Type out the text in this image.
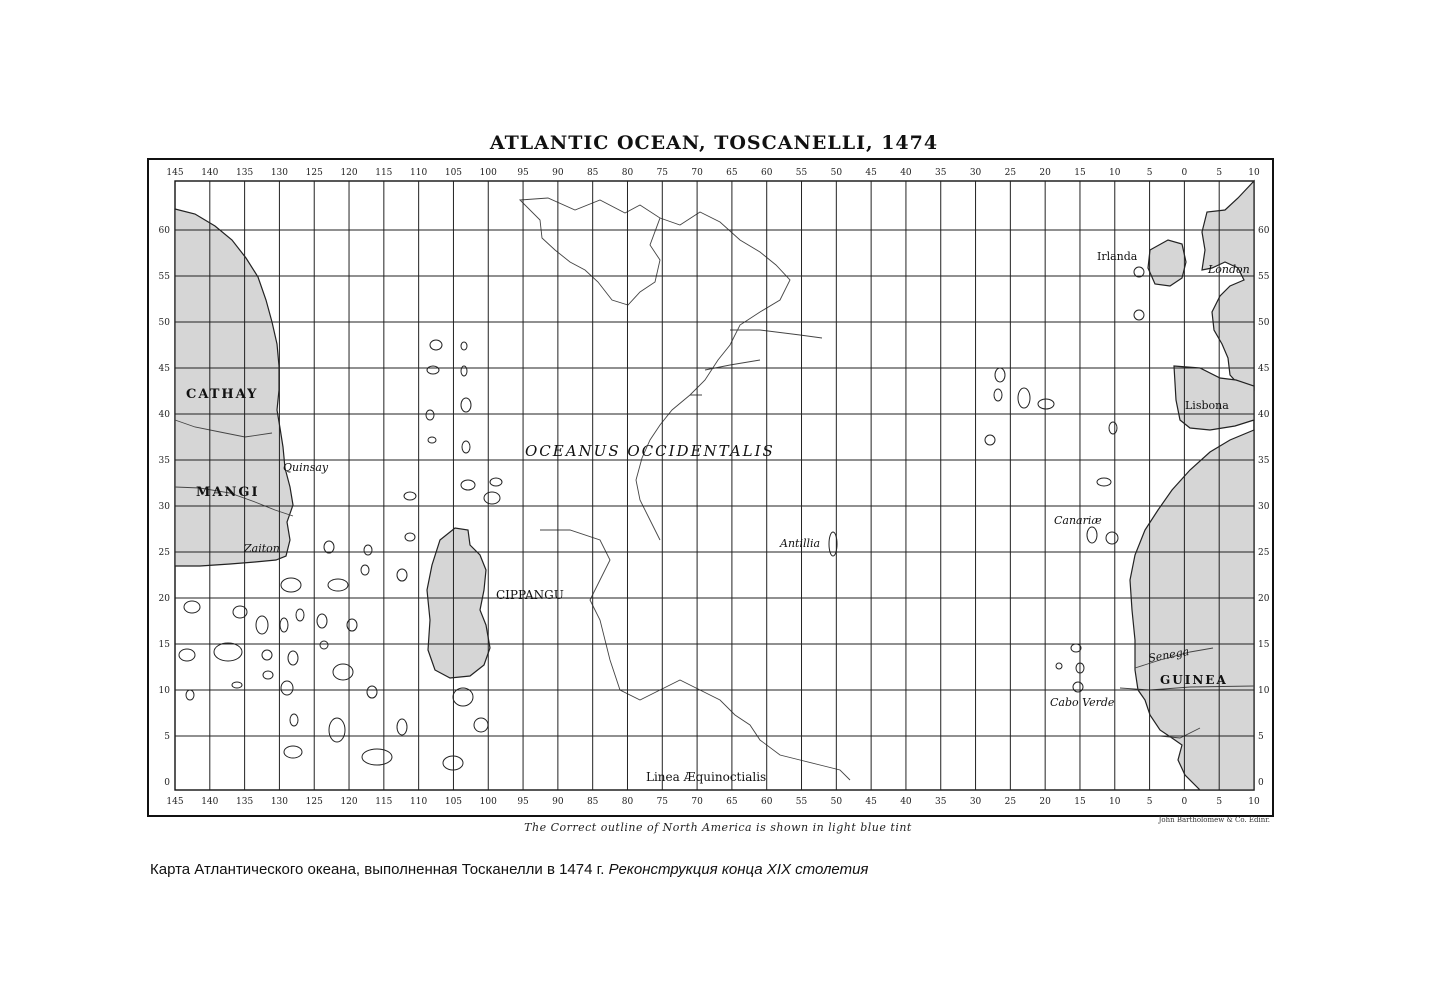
ATLANTIC OCEAN, TOSCANELLI, 1474
145
145
140
140
135
135
130
130
125
125
120
120
115
115
110
110
105
105
100
100
95
95
90
90
85
85
80
80
75
75
70
70
65
65
60
60
55
55
50
50
45
45
40
40
35
35
30
30
25
25
20
20
15
15
10
10
5
5
0
0
5
5
10
10
60
55
50
45
40
35
30
25
20
15
10
5
0
60
55
50
45
40
35
30
25
20
15
10
5
0
CATHAY
MANGI
Quinsay
Zaiton
CIPPANGU
OCEANUS OCCIDENTALIS
Antillia
Irlanda
London
Lisbona
Canariæ
Senega
GUINEA
Cabo Verde
Linea Æquinoctialis
The Correct outline of North America is shown in light blue tint
John Bartholomew & Co. Edinr.
Карта Атлантического океана, выполненная Тосканелли в 1474 г. Реконструкция конца XIX столетия
